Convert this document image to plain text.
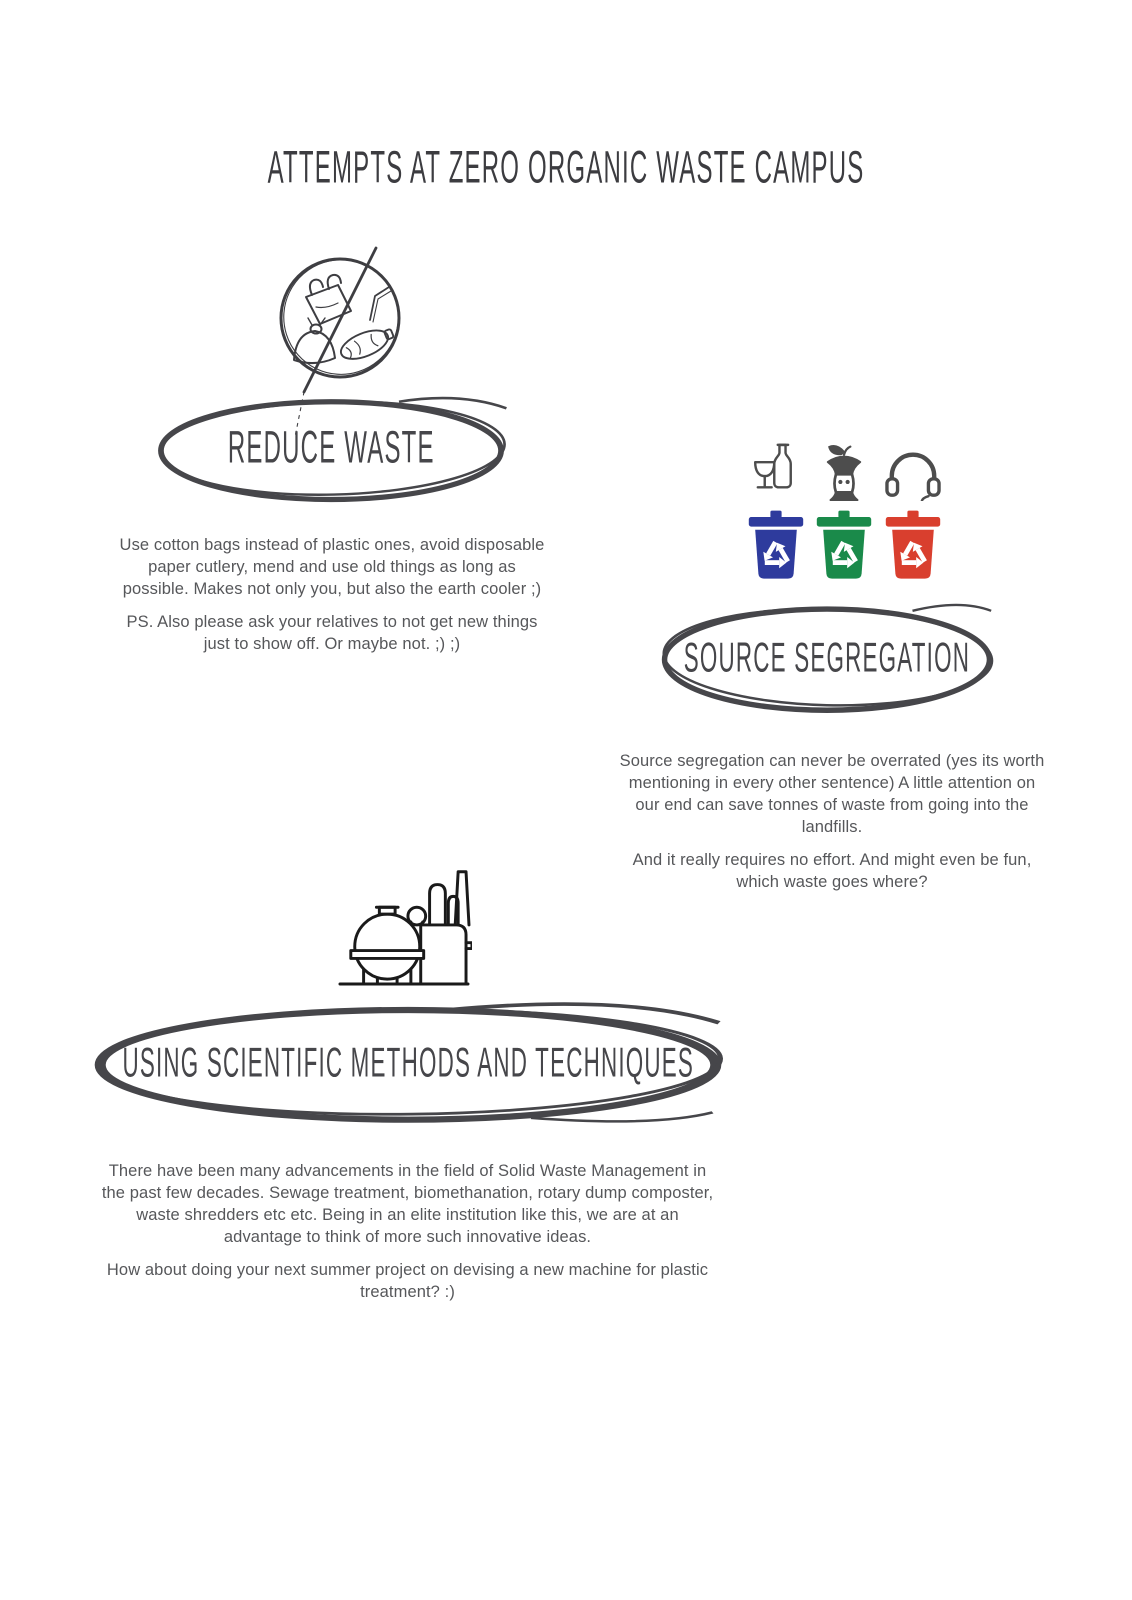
ATTEMPTS AT ZERO ORGANIC WASTE CAMPUS
REDUCE WASTE

Use cotton bags instead of plastic ones, avoid disposable paper cutlery, mend and use old things as long as possible. Makes not only you, but also the earth cooler ;)

PS. Also please ask your relatives to not get new things just to show off. Or maybe not. ;) ;)	SOURCE SEGREGATION

Source segregation can never be overrated (yes its worth mentioning in every other sentence) A little attention on our end can save tonnes of waste from going into the landfills.

And it really requires no effort. And might even be fun, which waste goes where?

USING SCIENTIFIC METHODS AND TECHNIQUES

There have been many advancements in the field of Solid Waste Management in the past few decades. Sewage treatment, biomethanation, rotary dump composter, waste shredders etc etc. Being in an elite institution like this, we are at an advantage to think of more such innovative ideas.

How about doing your next summer project on devising a new machine for plastic treatment? :)
